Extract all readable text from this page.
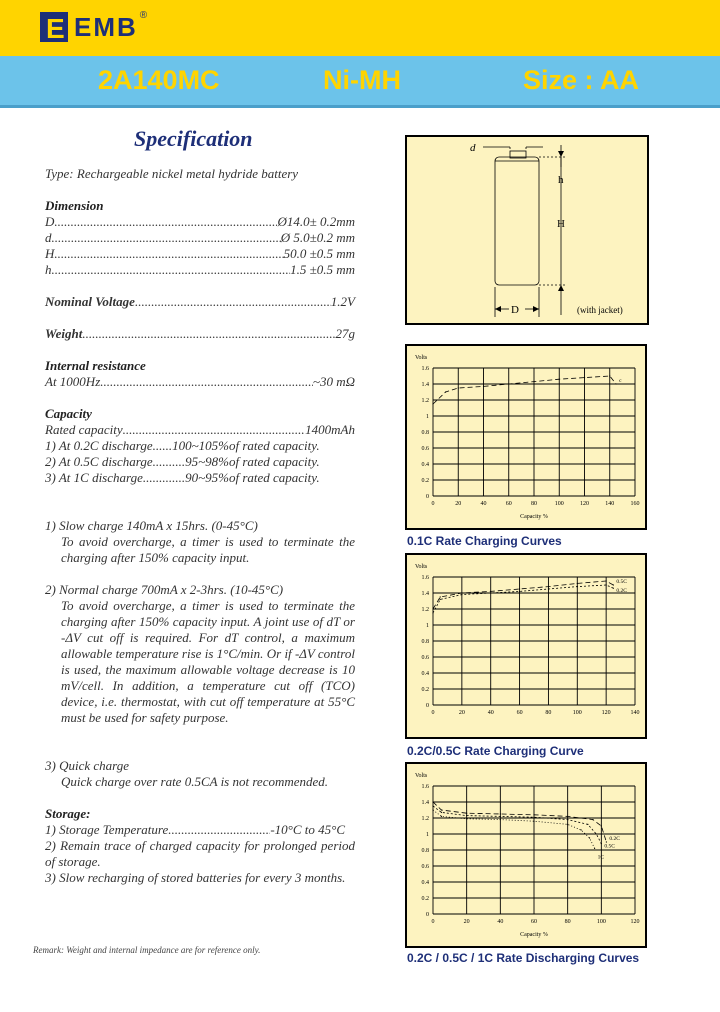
E EMB ®
2A140MC	Ni-MH	Size : AA
Specification
Type: Rechargeable nickel metal hydride battery
Dimension
D .....	Ø14.0± 0.2mm
d .....	Ø 5.0±0.2 mm
H .....	50.0 ±0.5 mm
h .....	1.5 ±0.5 mm
Nominal Voltage .....	1.2V
Weight .....	27g
Internal resistance
At 1000Hz .....	~30 mΩ
Capacity
Rated capacity .....	1400mAh
1) At 0.2C discharge......100~105%of rated capacity.
2) At 0.5C discharge..........95~98%of rated capacity.
3) At 1C discharge.............90~95%of rated capacity.
1) Slow charge 140mA x 15hrs. (0-45°C)
To avoid overcharge, a timer is used to terminate the charging after 150% capacity input.
2) Normal charge 700mA x 2-3hrs. (10-45°C)
To avoid overcharge, a timer is used to terminate the charging after 150% capacity input. A joint use of dT or -ΔV cut off is required. For dT control, a maximum allowable temperature rise is 1°C/min. Or if -ΔV control is used, the maximum allowable voltage decrease is 10 mV/cell. In addition, a temperature cut off (TCO) device, i.e. thermostat, with cut off temperature at 55°C must be used for safety purpose.
3) Quick charge
Quick charge over rate 0.5CA is not recommended.
Storage:
1) Storage Temperature .....	-10°C to 45°C
2) Remain trace of charged capacity for prolonged period of storage.
3) Slow recharging of stored batteries for every 3 months.
Remark: Weight and internal impedance are for reference only.
d
h
H
D	(with jacket)
Volts
0
0.2
0.4
0.6
0.8
1
1.2
1.4
1.6
0	20	40	60	80	100	120	140	160
Capacity %
c
0.1C Rate Charging Curves
Volts
0
0.2
0.4
0.6
0.8
1
1.2
1.4
1.6
0	20	40	60	80	100	120	140
0.5C
0.2C
0.2C/0.5C Rate Charging Curve
Volts
0
0.2
0.4
0.6
0.8
1
1.2
1.4
1.6
0	20	40	60	80	100	120
Capacity %
0.2C
0.5C
1C
0.2C / 0.5C / 1C Rate Discharging Curves
